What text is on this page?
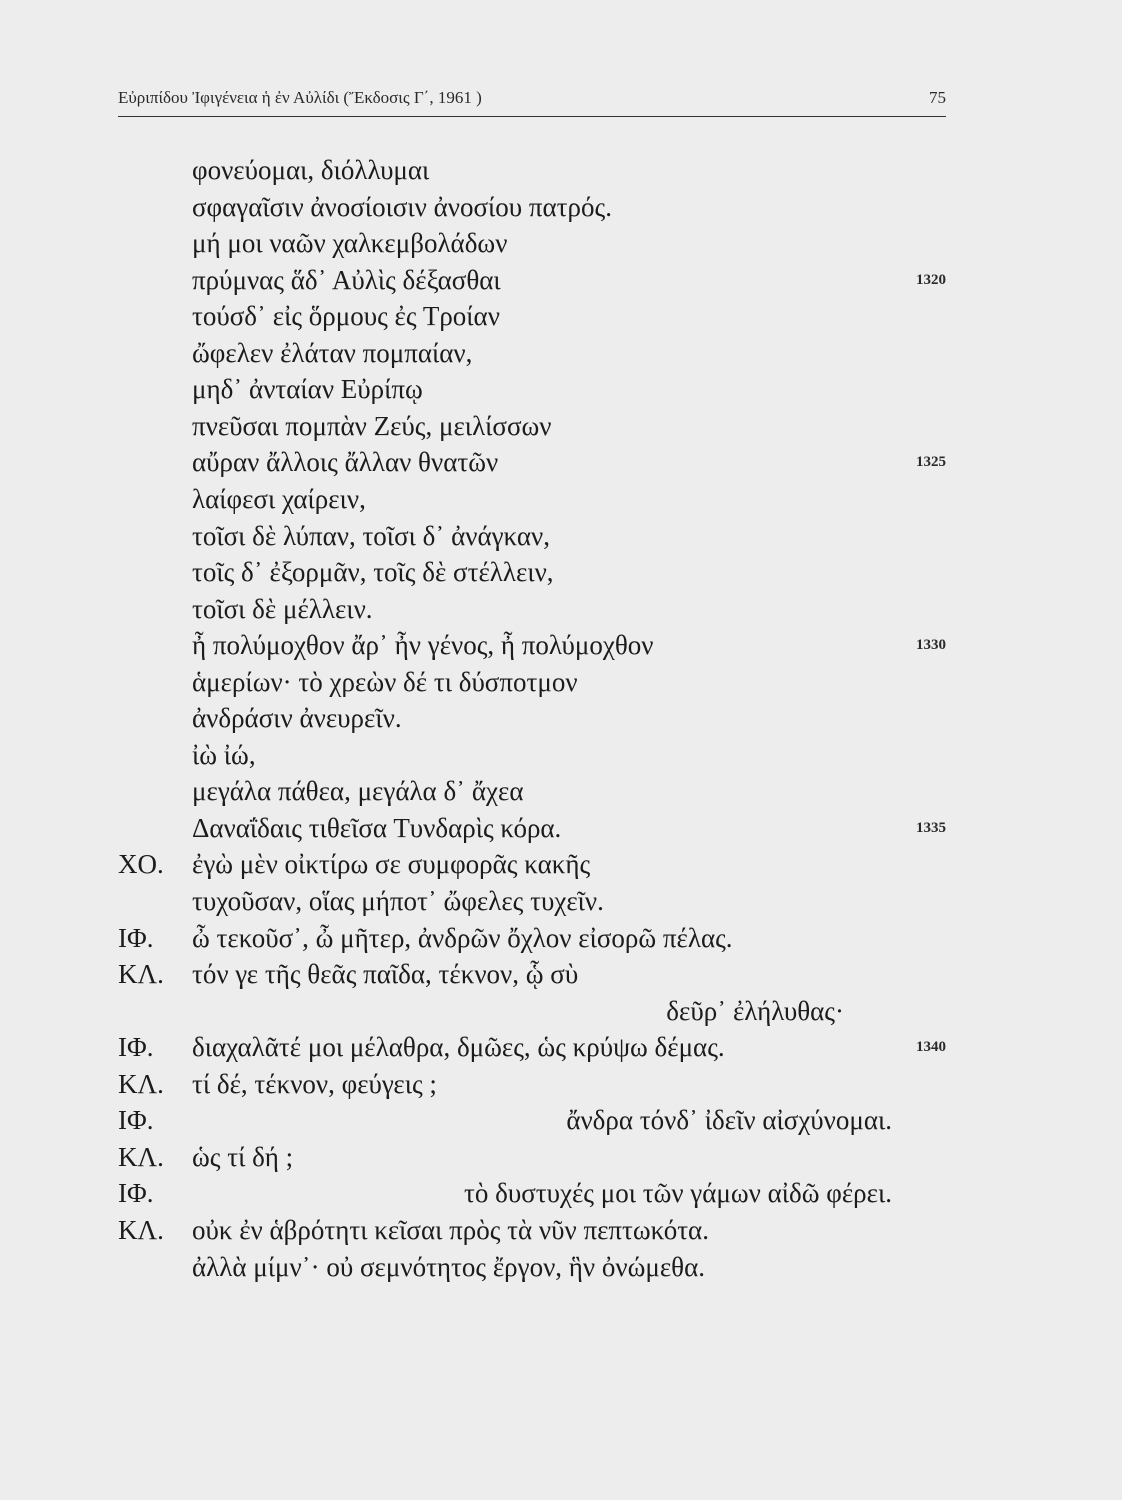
Εὐριπίδου Ἰφιγένεια ἡ ἐν Αὐλίδι (Ἔκδοσις Γ΄, 1961 )	75
φονεύομαι, διόλλυμαι
σφαγαῖσιν ἀνοσίοισιν ἀνοσίου πατρός.
μή μοι ναῶν χαλκεμβολάδων
πρύμνας ἅδ᾽ Αὐλὶς δέξασθαι	1320
τούσδ᾽ εἰς ὅρμους ἐς Τροίαν
ὤφελεν ἐλάταν πομπαίαν,
μηδ᾽ ἀνταίαν Εὐρίπῳ
πνεῦσαι πομπὰν Ζεύς, μειλίσσων
αὔραν ἄλλοις ἄλλαν θνατῶν	1325
λαίφεσι χαίρειν,
τοῖσι δὲ λύπαν, τοῖσι δ᾽ ἀνάγκαν,
τοῖς δ᾽ ἐξορμᾶν, τοῖς δὲ στέλλειν,
τοῖσι δὲ μέλλειν.
ἦ πολύμοχθον ἄρ᾽ ἦν γένος, ἦ πολύμοχθον	1330
ἁμερίων· τὸ χρεὼν δέ τι δύσποτμον
ἀνδράσιν ἀνευρεῖν.
ἰὼ ἰώ,
μεγάλα πάθεα, μεγάλα δ᾽ ἄχεα
Δαναΐδαις τιθεῖσα Τυνδαρὶς κόρα.	1335
ΧΟ. ἐγὼ μὲν οἰκτίρω σε συμφορᾶς κακῆς
τυχοῦσαν, οἵας μήποτ᾽ ὤφελες τυχεῖν.
ΙΦ. ὦ τεκοῦσ᾽, ὦ μῆτερ, ἀνδρῶν ὄχλον εἰσορῶ πέλας.
ΚΛ. τόν γε τῆς θεᾶς παῖδα, τέκνον, ᾧ σὺ
δεῦρ᾽ ἐλήλυθας·
ΙΦ. διαχαλᾶτέ μοι μέλαθρα, δμῶες, ὡς κρύψω δέμας.	1340
ΚΛ. τί δέ, τέκνον, φεύγεις ;
ΙΦ.	ἄνδρα τόνδ᾽ ἰδεῖν αἰσχύνομαι.
ΚΛ. ὡς τί δή ;
ΙΦ.	τὸ δυστυχές μοι τῶν γάμων αἰδῶ φέρει.
ΚΛ. οὐκ ἐν ἁβρότητι κεῖσαι πρὸς τὰ νῦν πεπτωκότα.
ἀλλὰ μίμν᾽· οὐ σεμνότητος ἔργον, ἣν ὀνώμεθα.
